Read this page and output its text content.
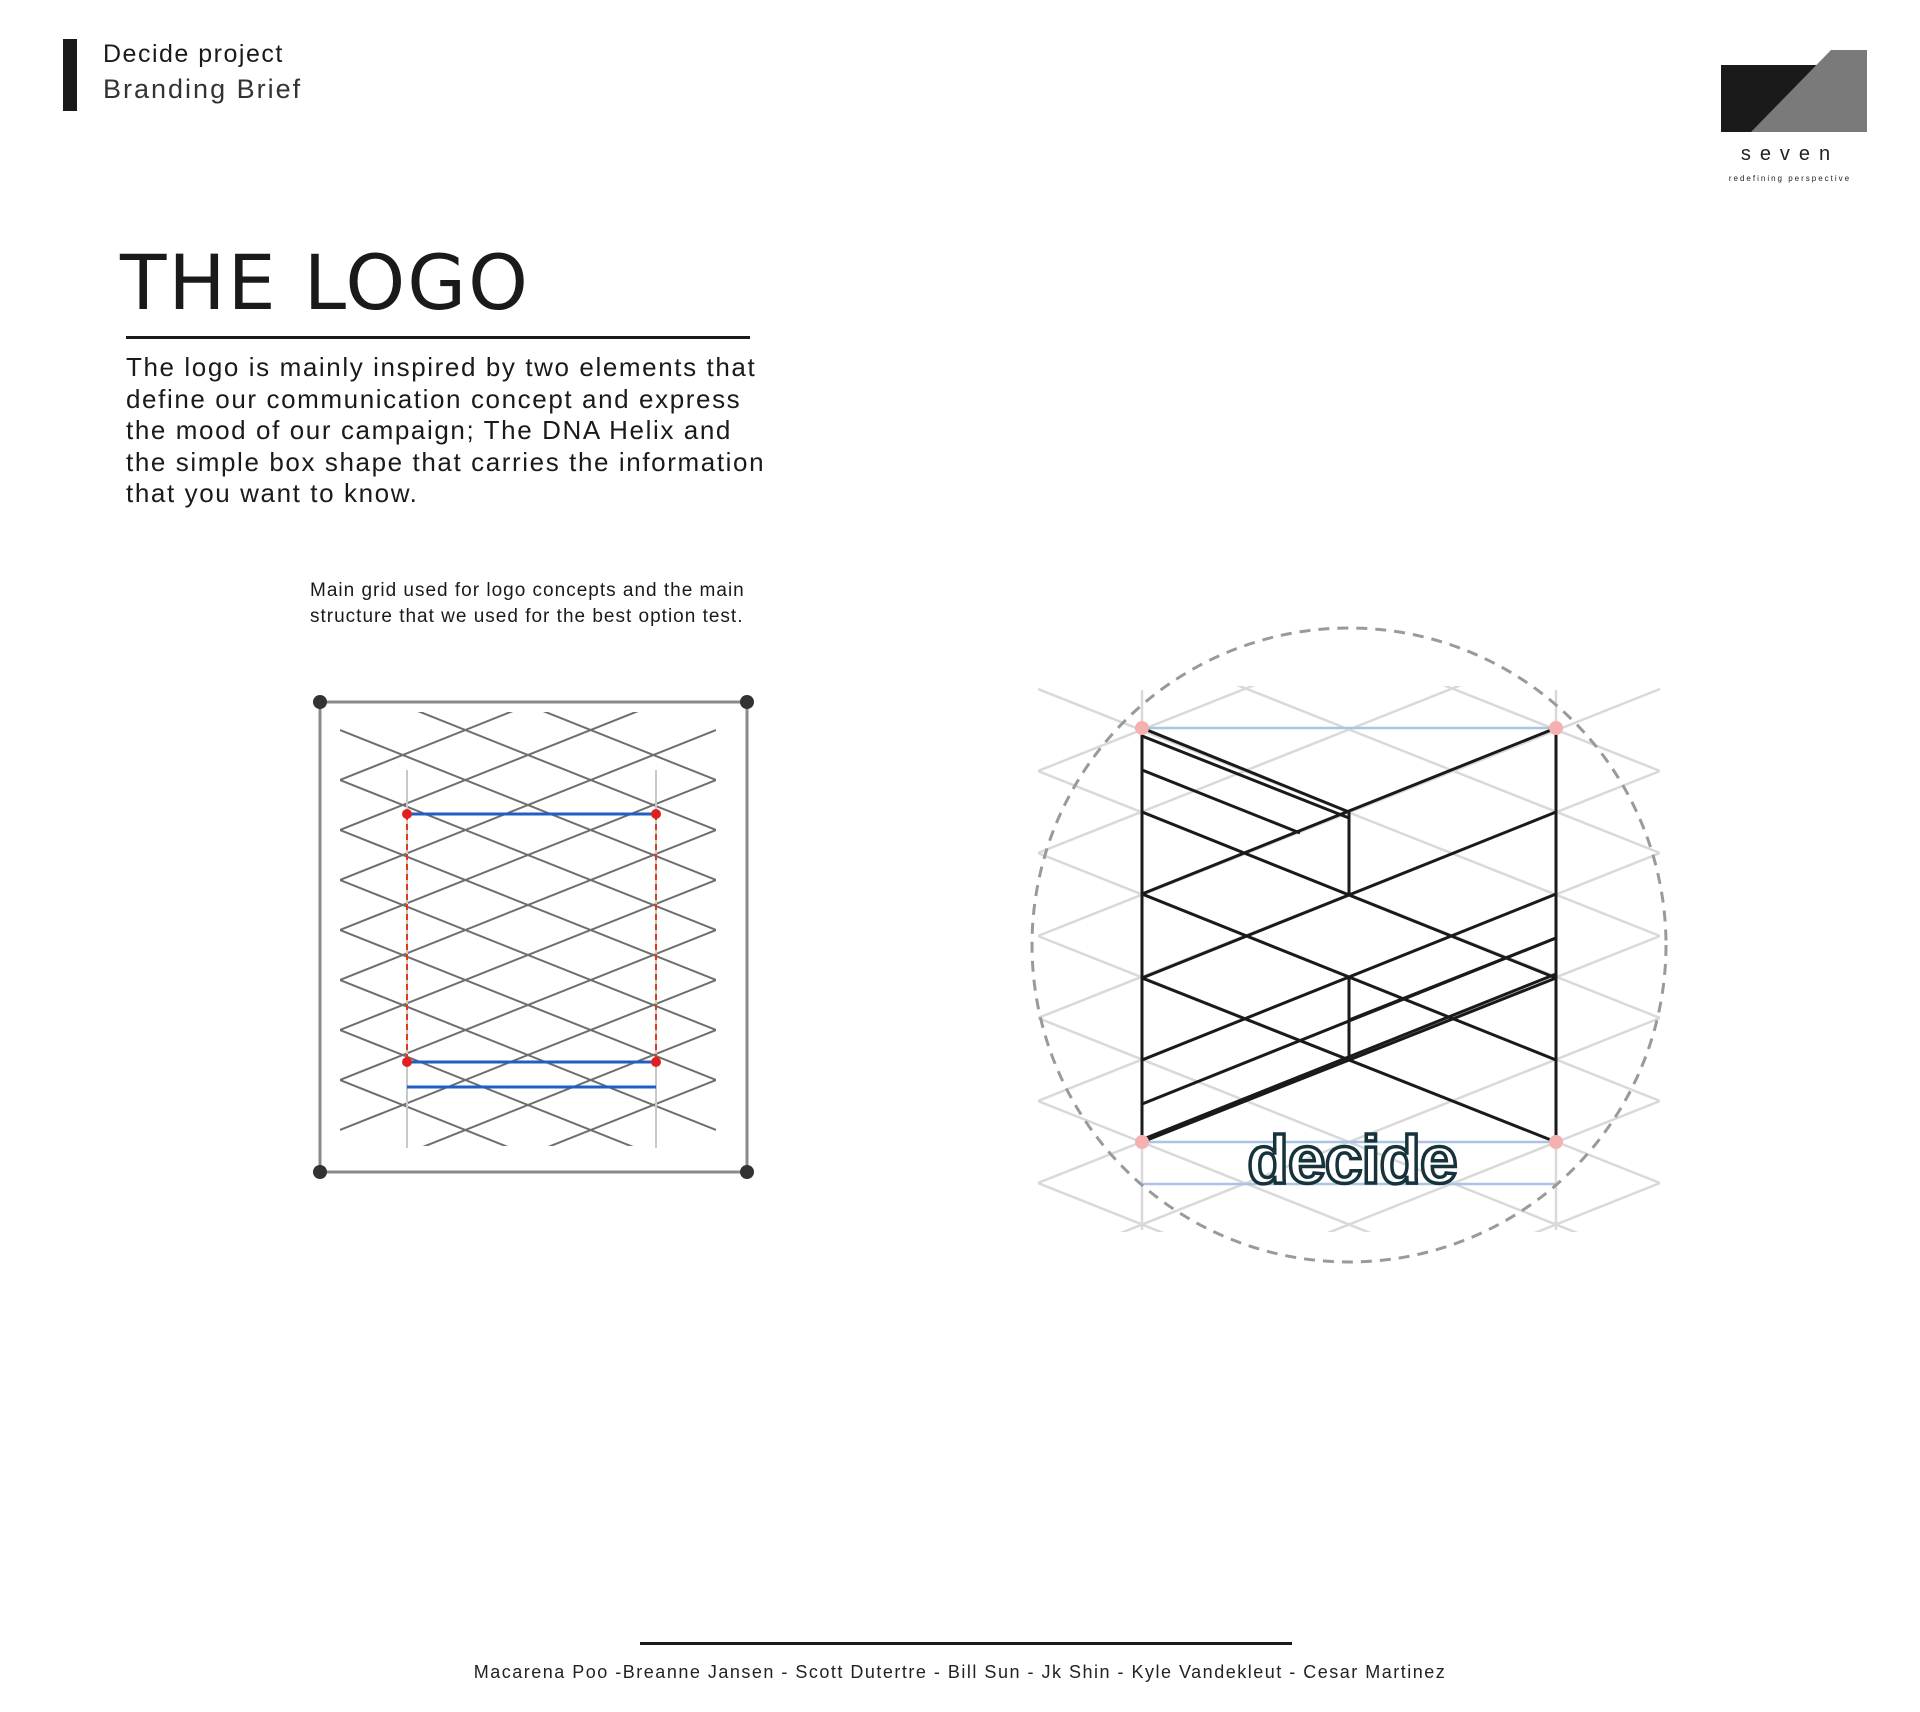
Decide project
Branding Brief
seven
redefining perspective
THE LOGO

The logo is mainly inspired by two elements that define our communication concept and express the mood of our campaign; The DNA Helix and the simple box shape that carries the information that you want to know.

Main grid used for logo concepts and the main structure that we used for the best option test.

decide
Macarena Poo -Breanne Jansen - Scott Dutertre - Bill Sun - Jk Shin - Kyle Vandekleut - Cesar Martinez
